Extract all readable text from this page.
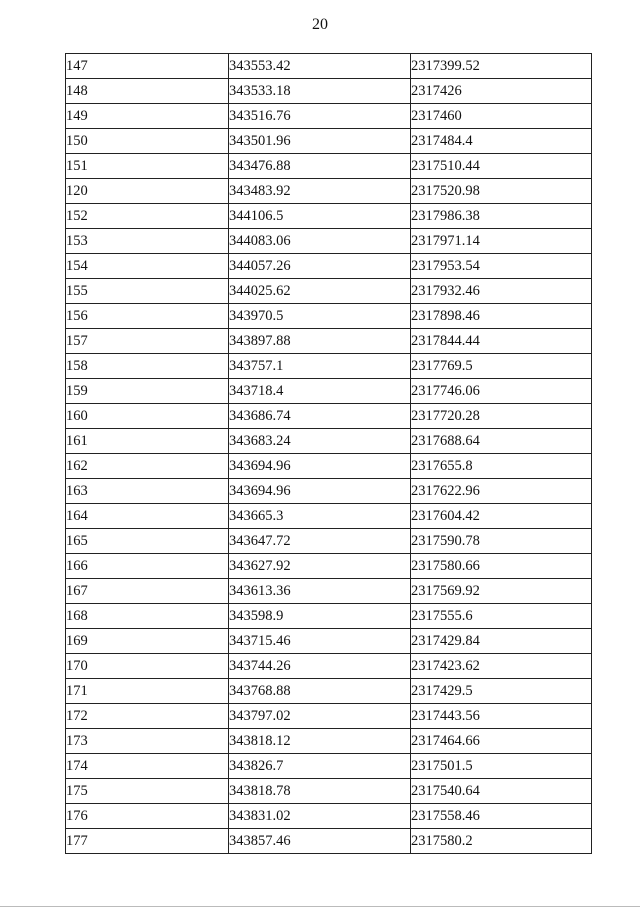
20
147	343553.42	2317399.52
148	343533.18	2317426
149	343516.76	2317460
150	343501.96	2317484.4
151	343476.88	2317510.44
120	343483.92	2317520.98
152	344106.5	2317986.38
153	344083.06	2317971.14
154	344057.26	2317953.54
155	344025.62	2317932.46
156	343970.5	2317898.46
157	343897.88	2317844.44
158	343757.1	2317769.5
159	343718.4	2317746.06
160	343686.74	2317720.28
161	343683.24	2317688.64
162	343694.96	2317655.8
163	343694.96	2317622.96
164	343665.3	2317604.42
165	343647.72	2317590.78
166	343627.92	2317580.66
167	343613.36	2317569.92
168	343598.9	2317555.6
169	343715.46	2317429.84
170	343744.26	2317423.62
171	343768.88	2317429.5
172	343797.02	2317443.56
173	343818.12	2317464.66
174	343826.7	2317501.5
175	343818.78	2317540.64
176	343831.02	2317558.46
177	343857.46	2317580.2
